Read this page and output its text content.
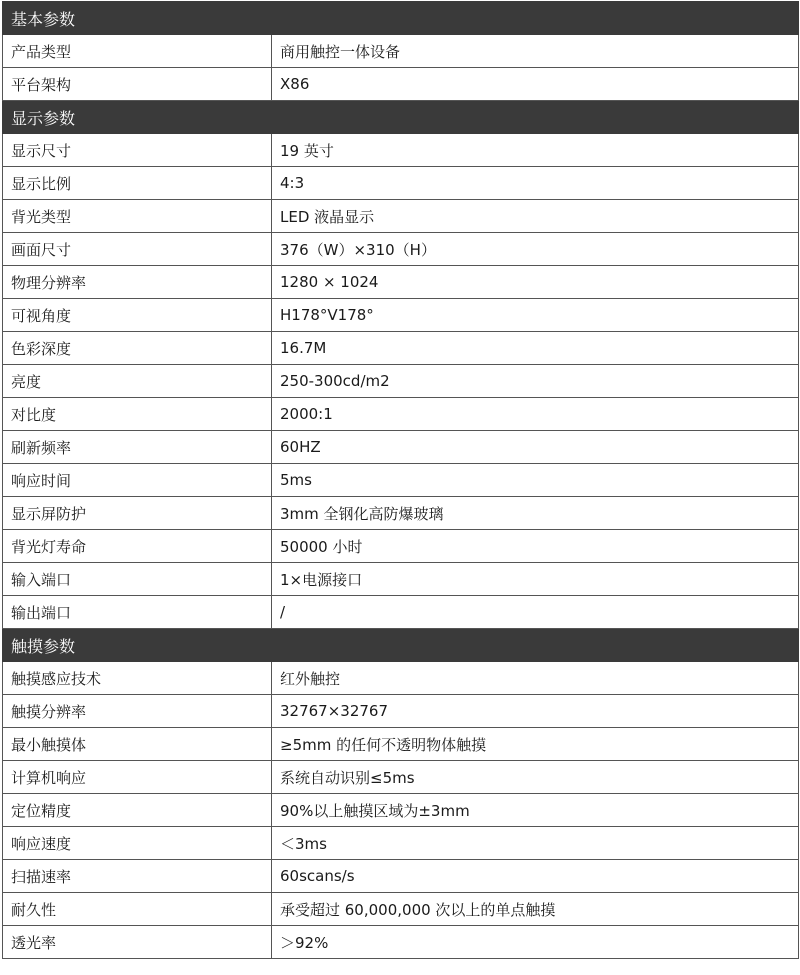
基本参数	
产品类型	商用触控一体设备
平台架构	X86
显示参数	
显示尺寸	19 英寸
显示比例	4:3
背光类型	LED 液晶显示
画面尺寸	376（W）×310（H）
物理分辨率	1280 × 1024
可视角度	H178°V178°
色彩深度	16.7M
亮度	250-300cd/m2
对比度	2000:1
刷新频率	60HZ
响应时间	5ms
显示屏防护	3mm 全钢化高防爆玻璃
背光灯寿命	50000 小时
输入端口	1×电源接口
输出端口	/
触摸参数	
触摸感应技术	红外触控
触摸分辨率	32767×32767
最小触摸体	≥5mm 的任何不透明物体触摸
计算机响应	系统自动识别≤5ms
定位精度	90%以上触摸区域为±3mm
响应速度	＜3ms
扫描速率	60scans/s
耐久性	承受超过 60,000,000 次以上的单点触摸
透光率	＞92%
